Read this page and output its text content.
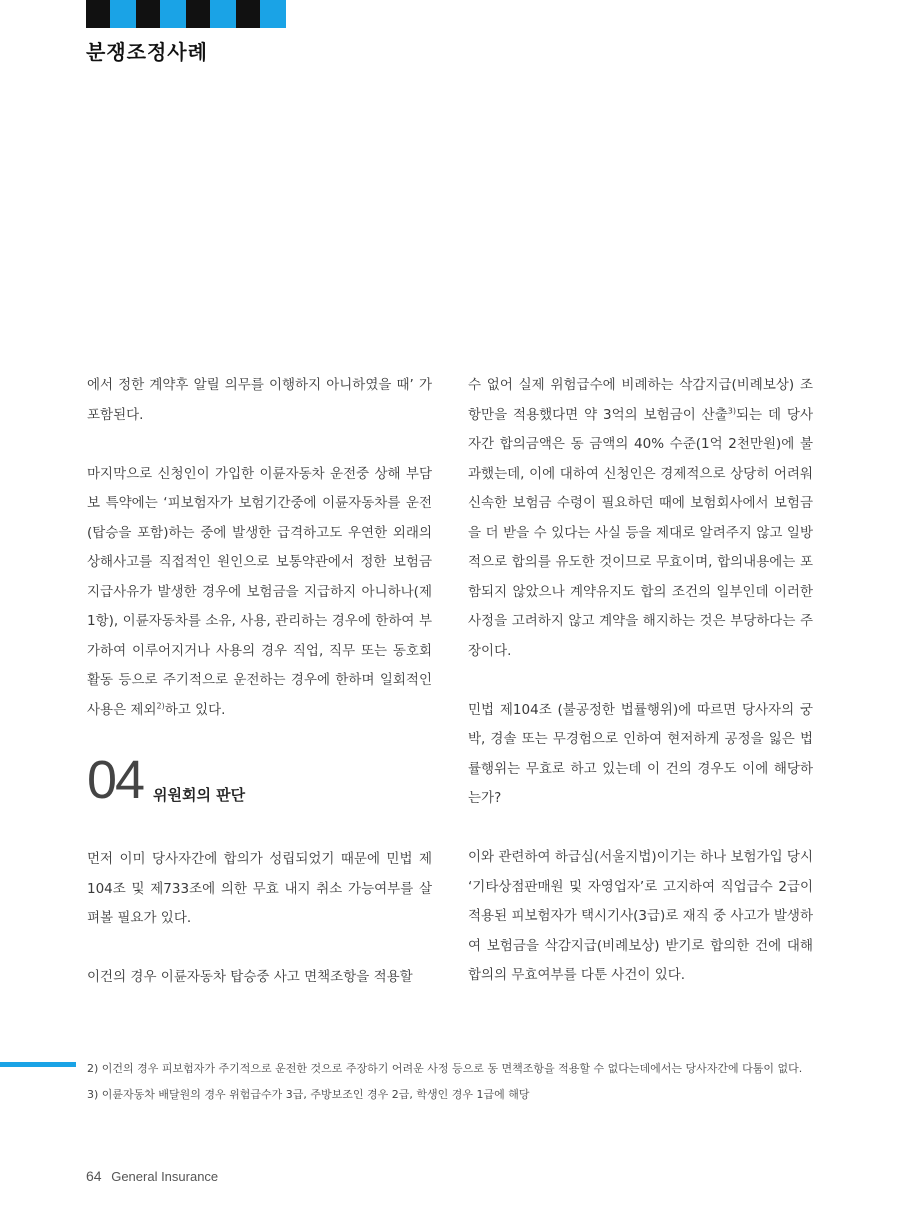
분쟁조정사례

에서 정한 계약후 알릴 의무를 이행하지 아니하였을 때’ 가 포함된다.

마지막으로 신청인이 가입한 이륜자동차 운전중 상해 부담보 특약에는 ‘피보험자가 보험기간중에 이륜자동차를 운전(탑승을 포함)하는 중에 발생한 급격하고도 우연한 외래의 상해사고를 직접적인 원인으로 보통약관에서 정한 보험금 지급사유가 발생한 경우에 보험금을 지급하지 아니하나(제1항), 이륜자동차를 소유, 사용, 관리하는 경우에 한하여 부가하여 이루어지거나 사용의 경우 직업, 직무 또는 동호회 활동 등으로 주기적으로 운전하는 경우에 한하며 일회적인 사용은 제외$^{2)}$하고 있다.

04 위원회의 판단

먼저 이미 당사자간에 합의가 성립되었기 때문에 민법 제104조 및 제733조에 의한 무효 내지 취소 가능여부를 살펴볼 필요가 있다.

이건의 경우 이륜자동차 탑승중 사고 면책조항을 적용할

수 없어 실제 위험급수에 비례하는 삭감지급(비례보상) 조항만을 적용했다면 약 3억의 보험금이 산출$^{3)}$되는 데 당사자간 합의금액은 동 금액의 40% 수준(1억 2천만원)에 불과했는데, 이에 대하여 신청인은 경제적으로 상당히 어려워 신속한 보험금 수령이 필요하던 때에 보험회사에서 보험금을 더 받을 수 있다는 사실 등을 제대로 알려주지 않고 일방적으로 합의를 유도한 것이므로 무효이며, 합의내용에는 포함되지 않았으나 계약유지도 합의 조건의 일부인데 이러한 사정을 고려하지 않고 계약을 해지하는 것은 부당하다는 주장이다.

민법 제104조 (불공정한 법률행위)에 따르면 당사자의 궁박, 경솔 또는 무경험으로 인하여 현저하게 공정을 잃은 법률행위는 무효로 하고 있는데 이 건의 경우도 이에 해당하는가?

이와 관련하여 하급심(서울지법)이기는 하나 보험가입 당시 ‘기타상점판매원 및 자영업자’로 고지하여 직업급수 2급이 적용된 피보험자가 택시기사(3급)로 재직 중 사고가 발생하여 보험금을 삭감지급(비례보상) 받기로 합의한 건에 대해 합의의 무효여부를 다툰 사건이 있다.

2) 이건의 경우 피보험자가 주기적으로 운전한 것으로 주장하기 어려운 사정 등으로 동 면책조항을 적용할 수 없다는데에서는 당사자간에 다툼이 없다.
3) 이륜자동차 배달원의 경우 위험급수가 3급, 주방보조인 경우 2급, 학생인 경우 1급에 해당
64 General Insurance
